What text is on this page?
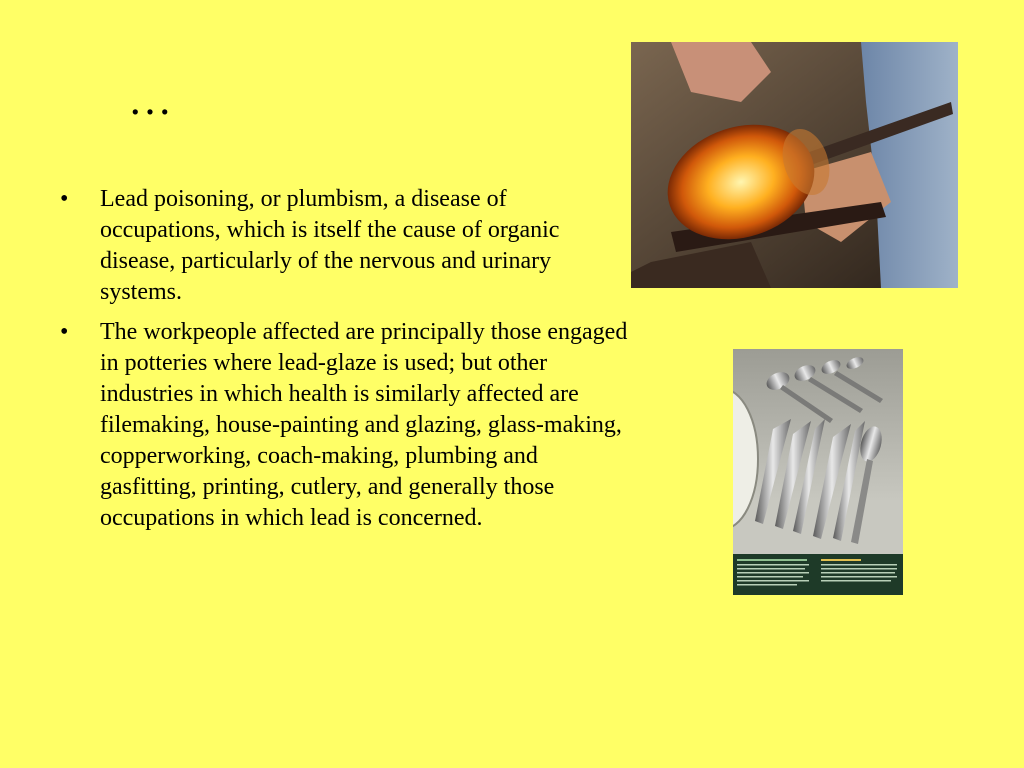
…
• Lead poisoning, or plumbism, a disease of occupations, which is itself the cause of organic disease, particularly of the nervous and urinary systems.
• The workpeople affected are principally those engaged in potteries where lead-glaze is used; but other industries in which health is similarly affected are filemaking, house-painting and glazing, glass-making, copperworking, coach-making, plumbing and gasfitting, printing, cutlery, and generally those occupations in which lead is concerned.
